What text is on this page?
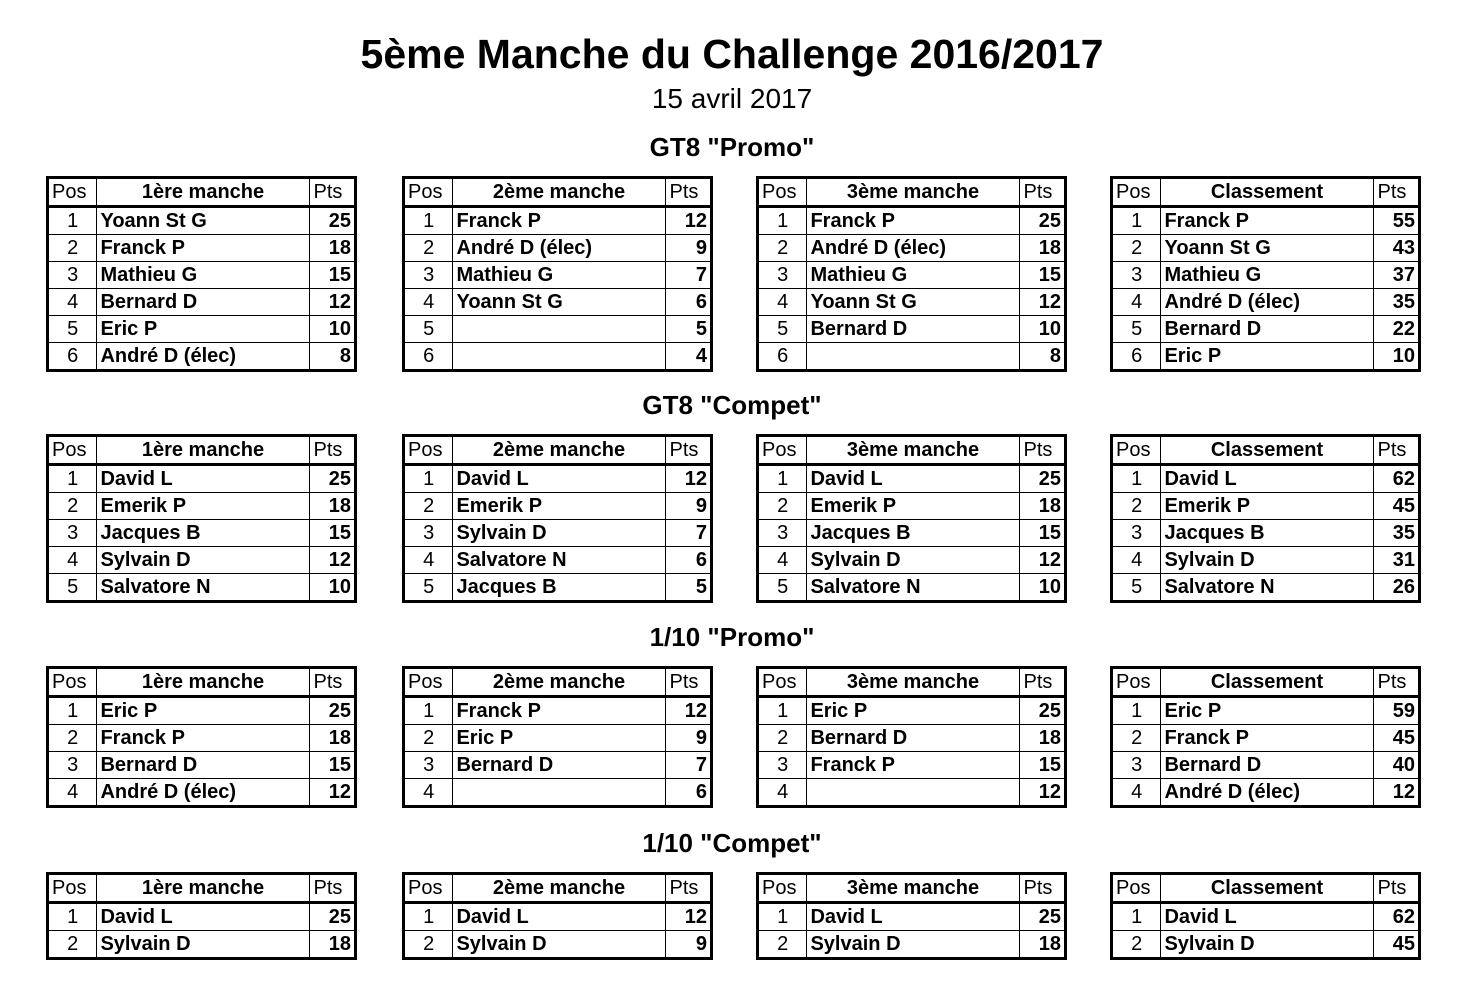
5ème Manche du Challenge 2016/2017
15 avril 2017
GT8 "Promo"
Pos	1ère manche	Pts
1	Yoann St G	25
2	Franck P	18
3	Mathieu G	15
4	Bernard D	12
5	Eric P	10
6	André D (élec)	8
Pos	2ème manche	Pts
1	Franck P	12
2	André D (élec)	9
3	Mathieu G	7
4	Yoann St G	6
5		5
6		4
Pos	3ème manche	Pts
1	Franck P	25
2	André D (élec)	18
3	Mathieu G	15
4	Yoann St G	12
5	Bernard D	10
6		8
Pos	Classement	Pts
1	Franck P	55
2	Yoann St G	43
3	Mathieu G	37
4	André D (élec)	35
5	Bernard D	22
6	Eric P	10
GT8 "Compet"
Pos	1ère manche	Pts
1	David L	25
2	Emerik P	18
3	Jacques B	15
4	Sylvain D	12
5	Salvatore N	10
Pos	2ème manche	Pts
1	David L	12
2	Emerik P	9
3	Sylvain D	7
4	Salvatore N	6
5	Jacques B	5
Pos	3ème manche	Pts
1	David L	25
2	Emerik P	18
3	Jacques B	15
4	Sylvain D	12
5	Salvatore N	10
Pos	Classement	Pts
1	David L	62
2	Emerik P	45
3	Jacques B	35
4	Sylvain D	31
5	Salvatore N	26
1/10 "Promo"
Pos	1ère manche	Pts
1	Eric P	25
2	Franck P	18
3	Bernard D	15
4	André D (élec)	12
Pos	2ème manche	Pts
1	Franck P	12
2	Eric P	9
3	Bernard D	7
4		6
Pos	3ème manche	Pts
1	Eric P	25
2	Bernard D	18
3	Franck P	15
4		12
Pos	Classement	Pts
1	Eric P	59
2	Franck P	45
3	Bernard D	40
4	André D (élec)	12
1/10 "Compet"
Pos	1ère manche	Pts
1	David L	25
2	Sylvain D	18
Pos	2ème manche	Pts
1	David L	12
2	Sylvain D	9
Pos	3ème manche	Pts
1	David L	25
2	Sylvain D	18
Pos	Classement	Pts
1	David L	62
2	Sylvain D	45
